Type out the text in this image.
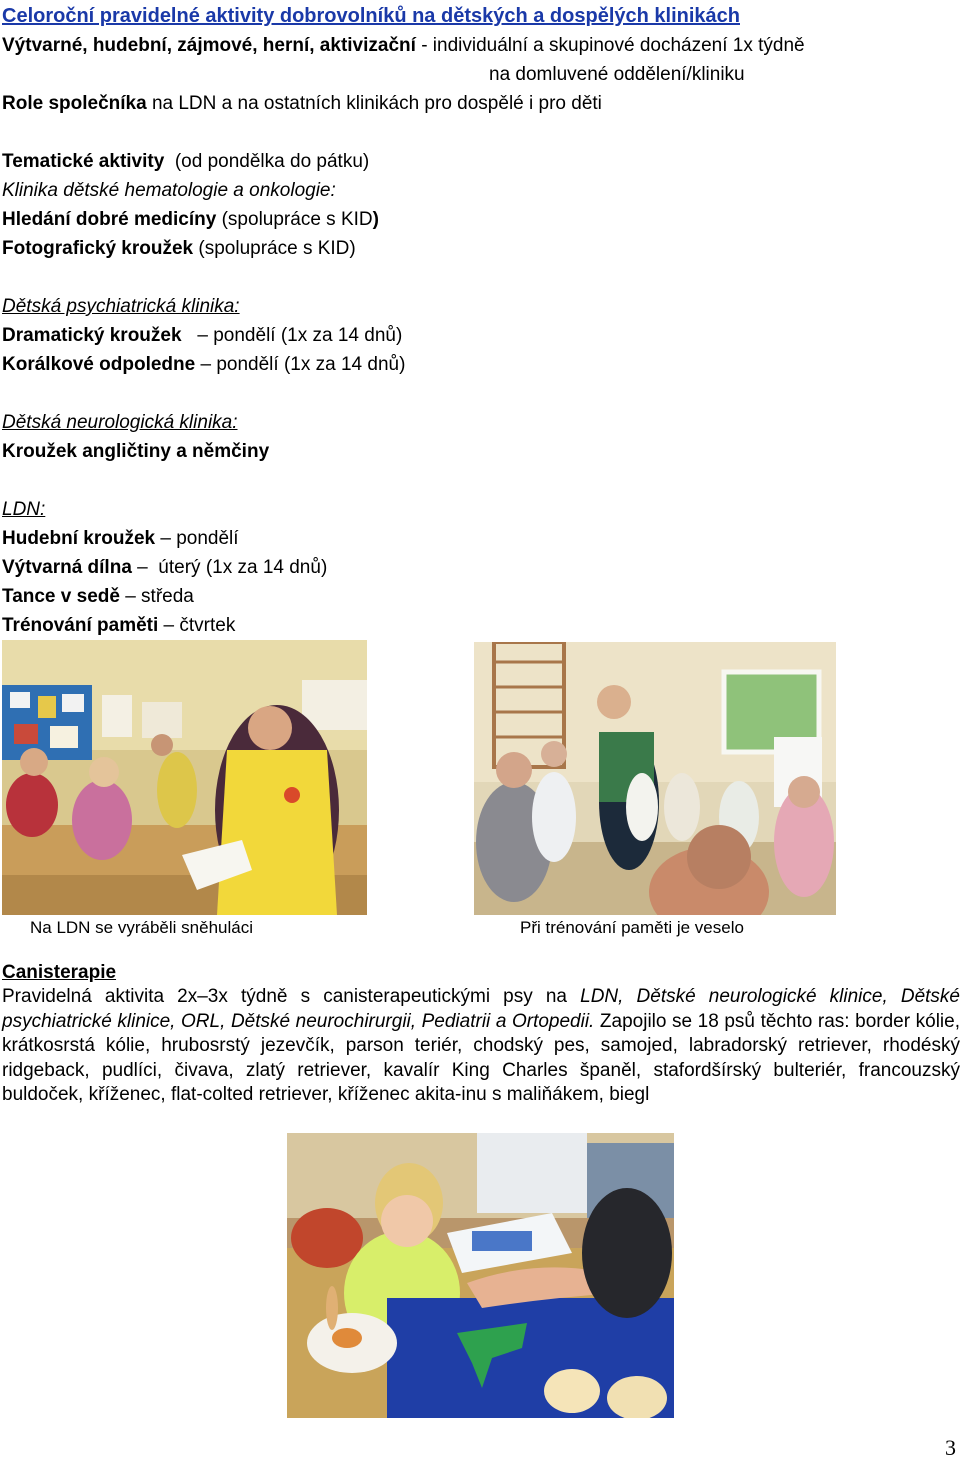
Celoroční pravidelné aktivity dobrovolníků na dětských a dospělých klinikách
Výtvarné, hudební, zájmové, herní, aktivizační - individuální a skupinové docházení 1x týdně
na domluvené oddělení/kliniku
Role společníka na LDN a na ostatních klinikách pro dospělé i pro děti
Tematické aktivity  (od pondělka do pátku)
Klinika dětské hematologie a onkologie:
Hledání dobré medicíny (spolupráce s KID)
Fotografický kroužek (spolupráce s KID)
Dětská psychiatrická klinika:
Dramatický kroužek   – pondělí (1x za 14 dnů)
Korálkové odpoledne – pondělí (1x za 14 dnů)
Dětská neurologická klinika:
Kroužek angličtiny a němčiny
LDN:
Hudební kroužek – pondělí
Výtvarná dílna –  úterý (1x za 14 dnů)
Tance v sedě – středa
Trénování paměti – čtvrtek
Na LDN se vyráběli sněhuláci	Při trénování paměti je veselo
Canisterapie
Pravidelná aktivita 2x–3x týdně s canisterapeutickými psy na LDN, Dětské neurologické klinice, Dětské psychiatrické klinice, ORL, Dětské neurochirurgii, Pediatrii a Ortopedii. Zapojilo se 18 psů těchto ras: border kólie, krátkosrstá kólie, hrubosrstý jezevčík, parson teriér, chodský pes, samojed, labradorský retriever, rhodéský ridgeback, pudlíci, čivava, zlatý retriever, kavalír King Charles španěl, stafordšírský bulteriér, francouzský buldoček, kříženec, flat-colted retriever, kříženec akita-inu s maliňákem, biegl
3
